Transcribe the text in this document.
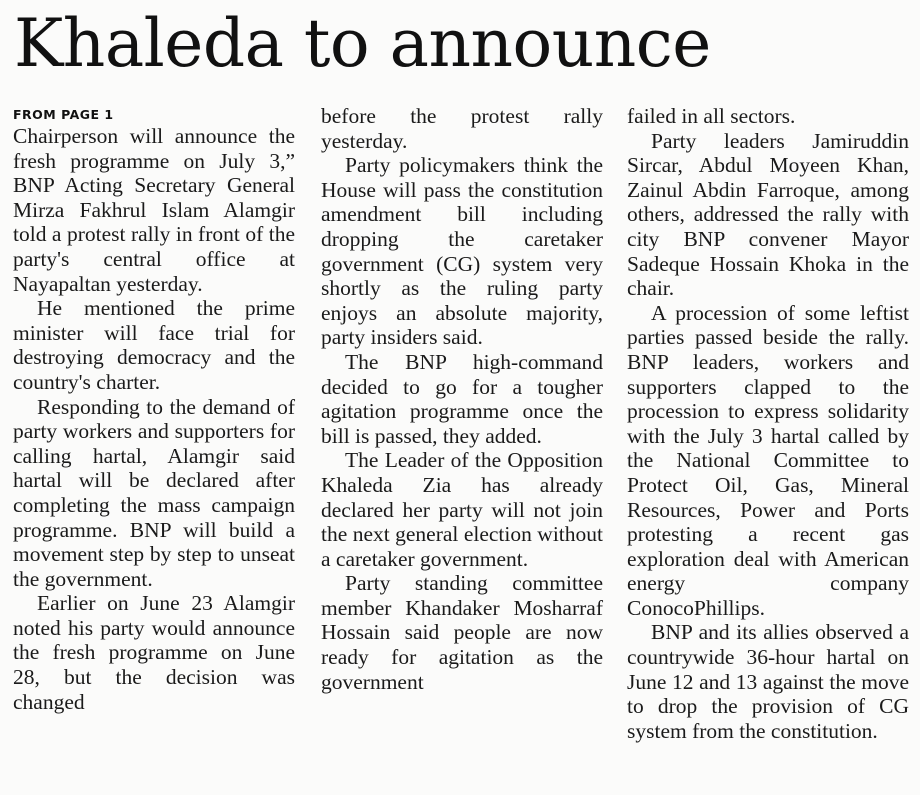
Khaleda to announce
FROM PAGE 1

Chairperson will announce the fresh programme on July 3,” BNP Acting Secretary General Mirza Fakhrul Islam Alamgir told a protest rally in front of the party's central office at Nayapaltan yesterday.

He mentioned the prime minister will face trial for destroying democracy and the country's charter.

Responding to the demand of party workers and supporters for calling hartal, Alamgir said hartal will be declared after completing the mass campaign programme. BNP will build a movement step by step to unseat the government.

Earlier on June 23 Alamgir noted his party would announce the fresh programme on June 28, but the decision was changed

before the protest rally yesterday.

Party policymakers think the House will pass the constitution amendment bill including dropping the caretaker government (CG) system very shortly as the ruling party enjoys an absolute majority, party insiders said.

The BNP high-command decided to go for a tougher agitation programme once the bill is passed, they added.

The Leader of the Opposition Khaleda Zia has already declared her party will not join the next general election without a caretaker government.

Party standing committee member Khandaker Mosharraf Hossain said people are now ready for agitation as the government

failed in all sectors.

Party leaders Jamiruddin Sircar, Abdul Moyeen Khan, Zainul Abdin Farroque, among others, addressed the rally with city BNP convener Mayor Sadeque Hossain Khoka in the chair.

A procession of some leftist parties passed beside the rally. BNP leaders, workers and supporters clapped to the procession to express solidarity with the July 3 hartal called by the National Committee to Protect Oil, Gas, Mineral Resources, Power and Ports protesting a recent gas exploration deal with American energy company ConocoPhillips.

BNP and its allies observed a countrywide 36-hour hartal on June 12 and 13 against the move to drop the provision of CG system from the constitution.
